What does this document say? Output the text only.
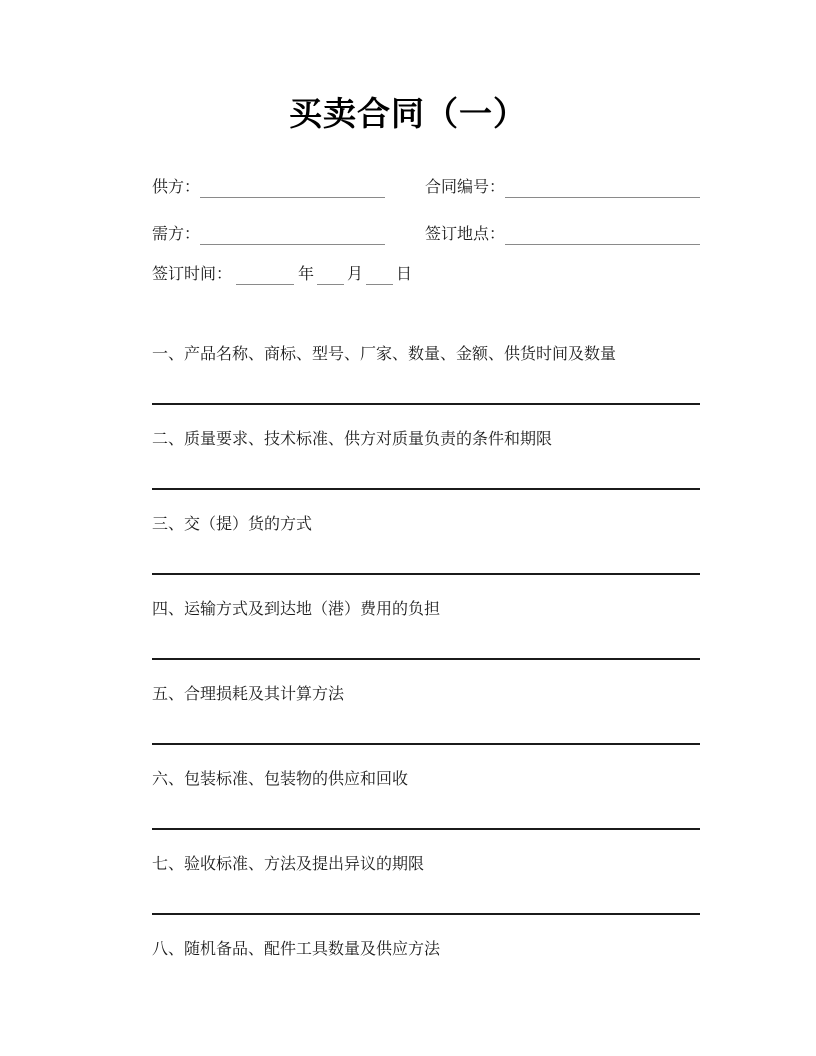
买卖合同（一）
供方：	合同编号：
需方：	签订地点：
签订时间：	年 月 日
一、产品名称、商标、型号、厂家、数量、金额、供货时间及数量
二、质量要求、技术标准、供方对质量负责的条件和期限
三、交（提）货的方式
四、运输方式及到达地（港）费用的负担
五、合理损耗及其计算方法
六、包装标准、包装物的供应和回收
七、验收标准、方法及提出异议的期限
八、随机备品、配件工具数量及供应方法
